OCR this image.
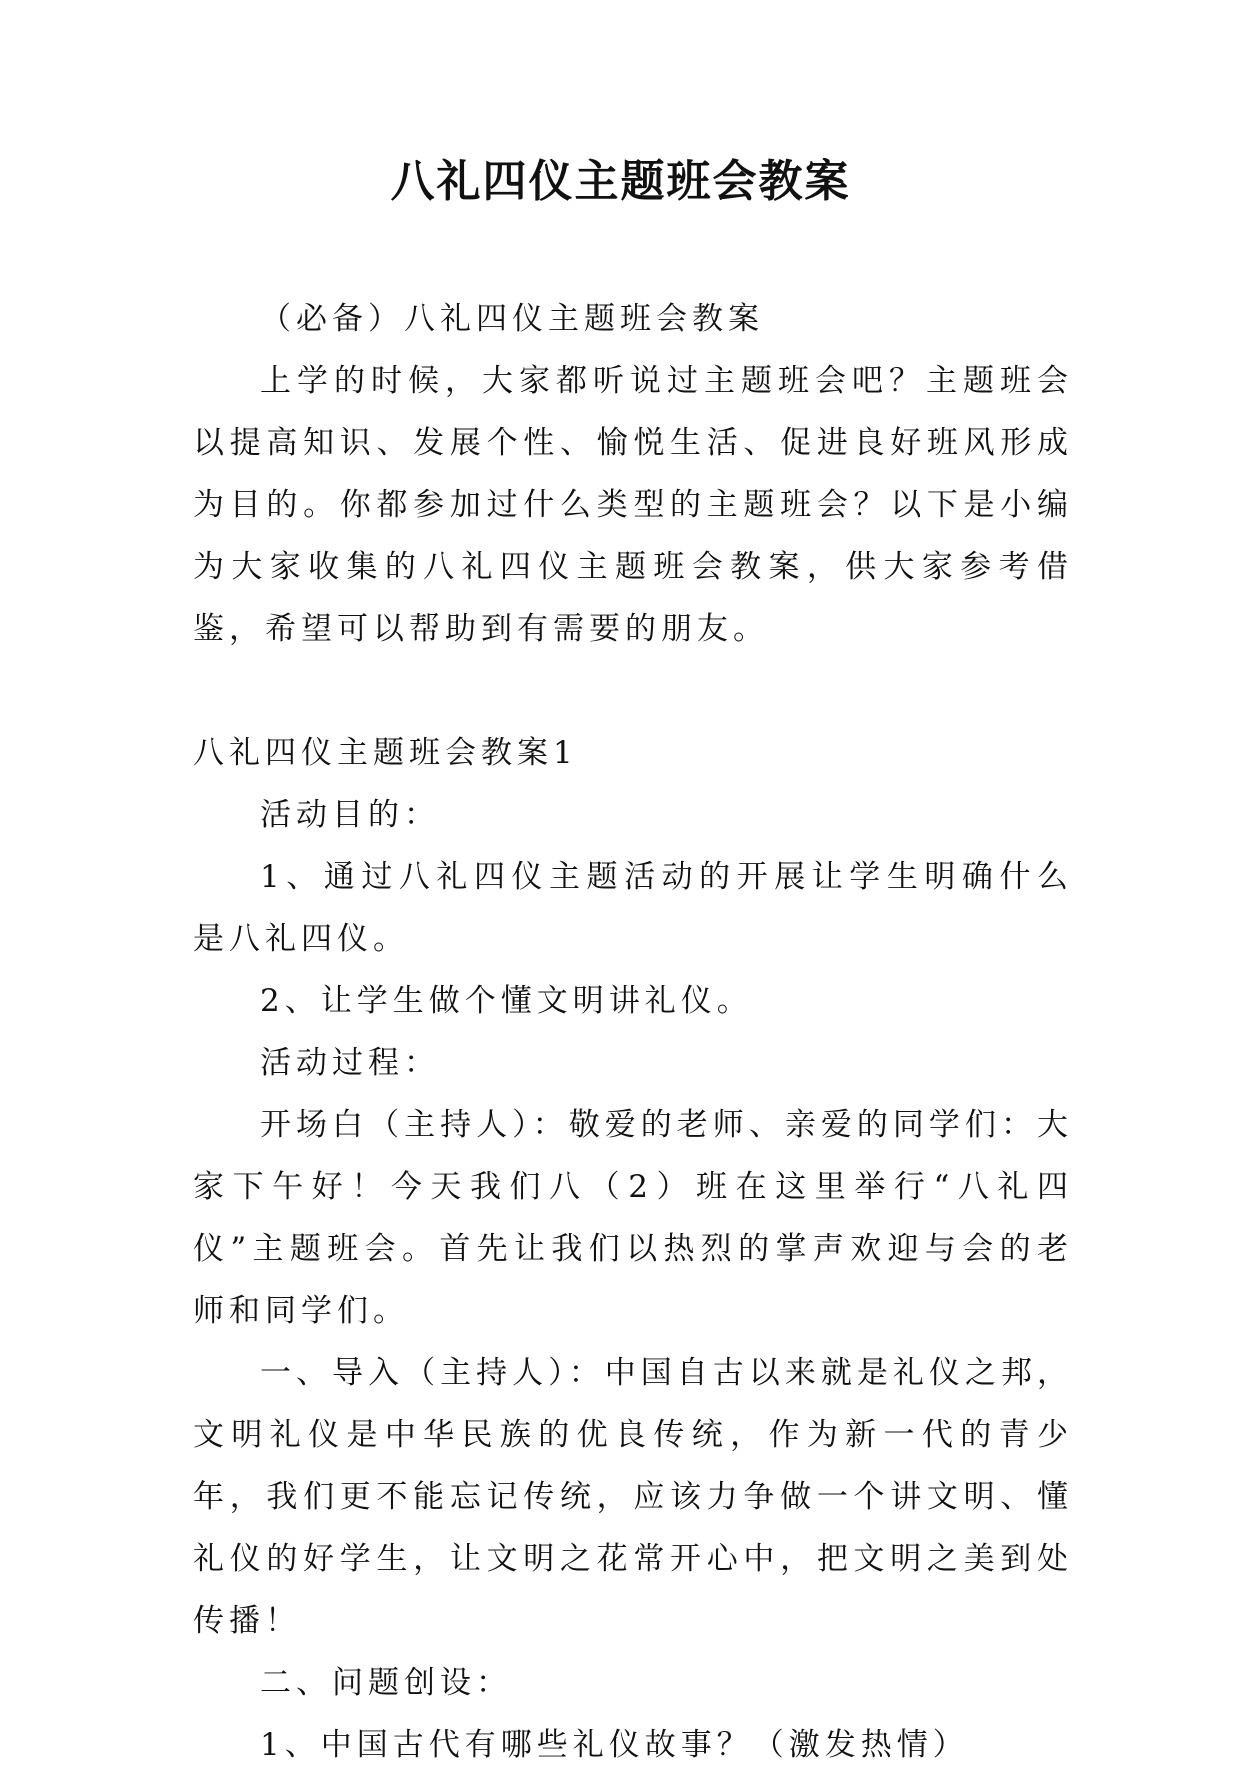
八礼四仪主题班会教案

（必备）八礼四仪主题班会教案

上学的时候，大家都听说过主题班会吧？主题班会以提高知识、发展个性、愉悦生活、促进良好班风形成为目的。你都参加过什么类型的主题班会？以下是小编为大家收集的八礼四仪主题班会教案，供大家参考借鉴，希望可以帮助到有需要的朋友。

八礼四仪主题班会教案1

活动目的：

1、通过八礼四仪主题活动的开展让学生明确什么是八礼四仪。

2、让学生做个懂文明讲礼仪。

活动过程：

开场白（主持人）：敬爱的老师、亲爱的同学们：大家下午好！今天我们八（2）班在这里举行“八礼四仪”主题班会。首先让我们以热烈的掌声欢迎与会的老师和同学们。

一、导入（主持人）：中国自古以来就是礼仪之邦，文明礼仪是中华民族的优良传统，作为新一代的青少年，我们更不能忘记传统，应该力争做一个讲文明、懂礼仪的好学生，让文明之花常开心中，把文明之美到处传播！

二、问题创设：

1、中国古代有哪些礼仪故事？（激发热情）
